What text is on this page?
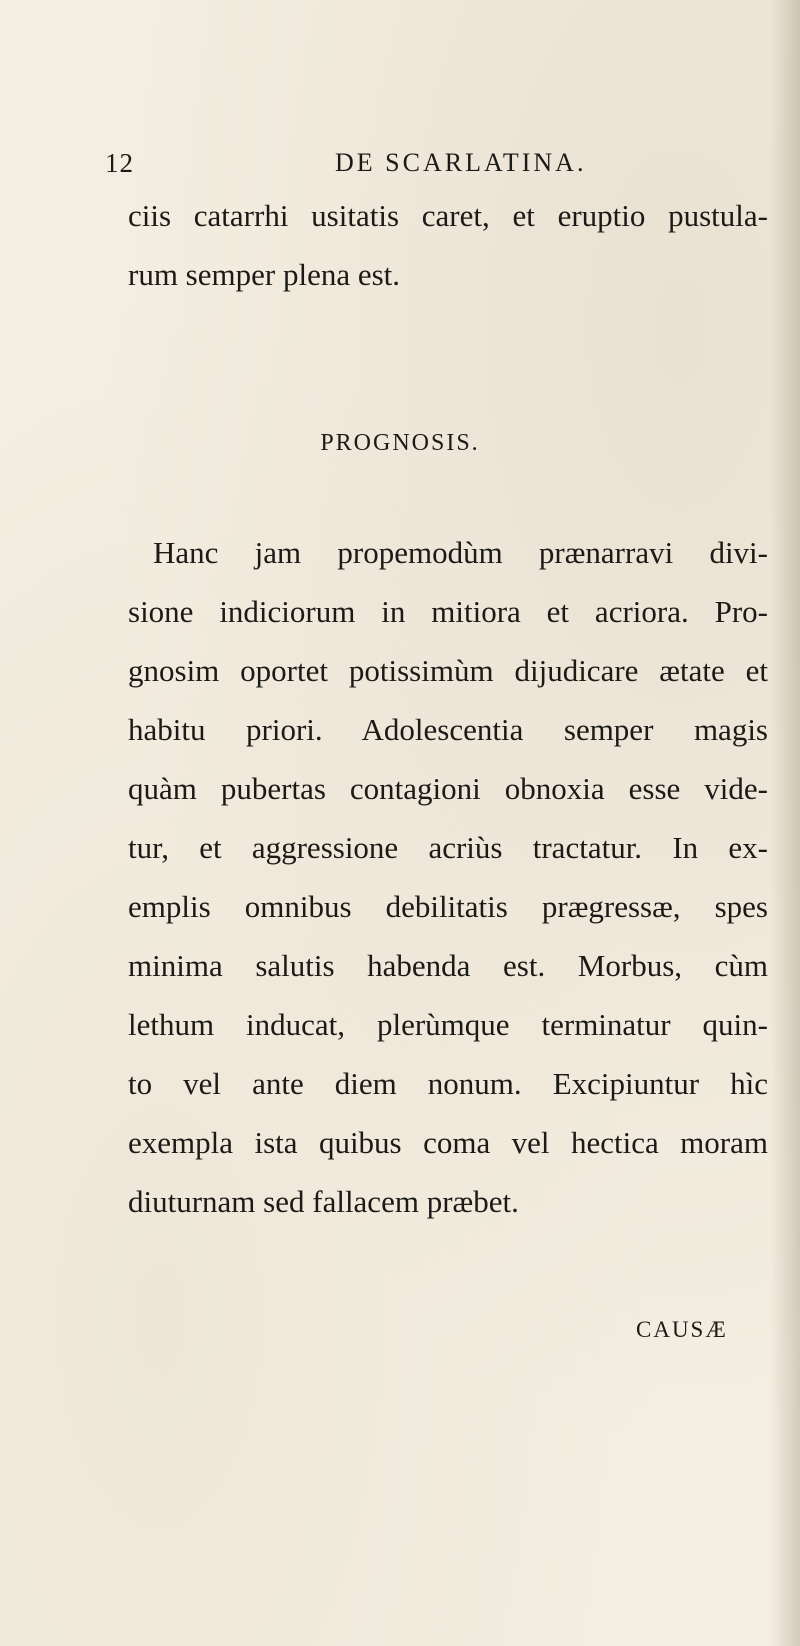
12	DE SCARLATINA.
ciis catarrhi usitatis caret, et eruptio pustula-
rum semper plena est.
PROGNOSIS.
Hanc jam propemodùm prænarravi divi-
sione indiciorum in mitiora et acriora. Pro-
gnosim oportet potissimùm dijudicare ætate et
habitu priori. Adolescentia semper magis
quàm pubertas contagioni obnoxia esse vide-
tur, et aggressione acriùs tractatur. In ex-
emplis omnibus debilitatis prægressæ, spes
minima salutis habenda est. Morbus, cùm
lethum inducat, plerùmque terminatur quin-
to vel ante diem nonum. Excipiuntur hìc
exempla ista quibus coma vel hectica moram
diuturnam sed fallacem præbet.
CAUSÆ
